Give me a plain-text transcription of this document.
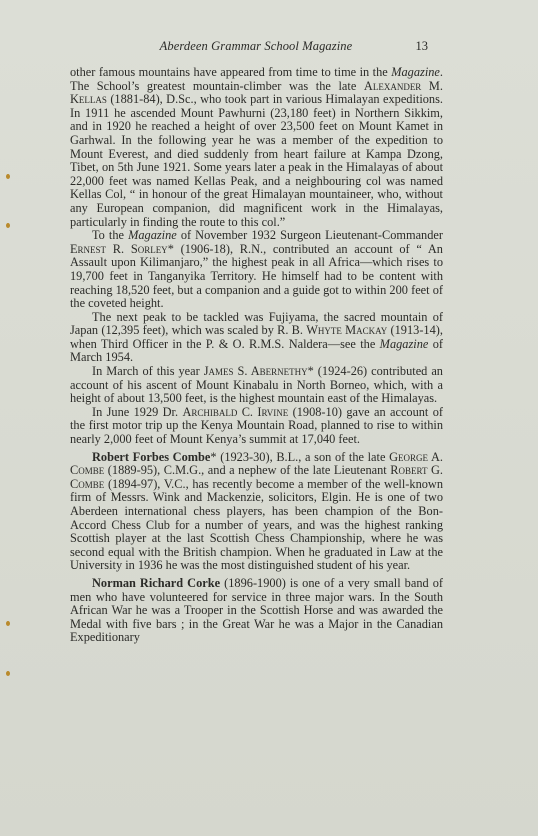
Aberdeen Grammar School Magazine	13

other famous mountains have appeared from time to time in the Magazine. The School’s greatest mountain-climber was the late Alexander M. Kellas (1881-84), D.Sc., who took part in various Himalayan expeditions. In 1911 he ascended Mount Pawhurni (23,180 feet) in Northern Sikkim, and in 1920 he reached a height of over 23,500 feet on Mount Kamet in Garhwal. In the following year he was a member of the expedition to Mount Everest, and died suddenly from heart failure at Kampa Dzong, Tibet, on 5th June 1921. Some years later a peak in the Himalayas of about 22,000 feet was named Kellas Peak, and a neighbouring col was named Kellas Col, “ in honour of the great Himalayan mountaineer, who, without any European companion, did magnificent work in the Himalayas, particularly in finding the route to this col.”

To the Magazine of November 1932 Surgeon Lieutenant-Commander Ernest R. Sorley* (1906-18), R.N., contributed an account of “ An Assault upon Kilimanjaro,” the highest peak in all Africa—which rises to 19,700 feet in Tanganyika Territory. He himself had to be content with reaching 18,520 feet, but a companion and a guide got to within 200 feet of the coveted height.

The next peak to be tackled was Fujiyama, the sacred mountain of Japan (12,395 feet), which was scaled by R. B. Whyte Mackay (1913-14), when Third Officer in the P. & O. R.M.S. Naldera—see the Magazine of March 1954.

In March of this year James S. Abernethy* (1924-26) contributed an account of his ascent of Mount Kinabalu in North Borneo, which, with a height of about 13,500 feet, is the highest mountain east of the Himalayas.

In June 1929 Dr. Archibald C. Irvine (1908-10) gave an account of the first motor trip up the Kenya Mountain Road, planned to rise to within nearly 2,000 feet of Mount Kenya’s summit at 17,040 feet.

Robert Forbes Combe* (1923-30), B.L., a son of the late George A. Combe (1889-95), C.M.G., and a nephew of the late Lieutenant Robert G. Combe (1894-97), V.C., has recently become a member of the well-known firm of Messrs. Wink and Mackenzie, solicitors, Elgin. He is one of two Aberdeen international chess players, has been champion of the Bon-Accord Chess Club for a number of years, and was the highest ranking Scottish player at the last Scottish Chess Championship, where he was second equal with the British champion. When he graduated in Law at the University in 1936 he was the most distinguished student of his year.

Norman Richard Corke (1896-1900) is one of a very small band of men who have volunteered for service in three major wars. In the South African War he was a Trooper in the Scottish Horse and was awarded the Medal with five bars ; in the Great War he was a Major in the Canadian Expeditionary
